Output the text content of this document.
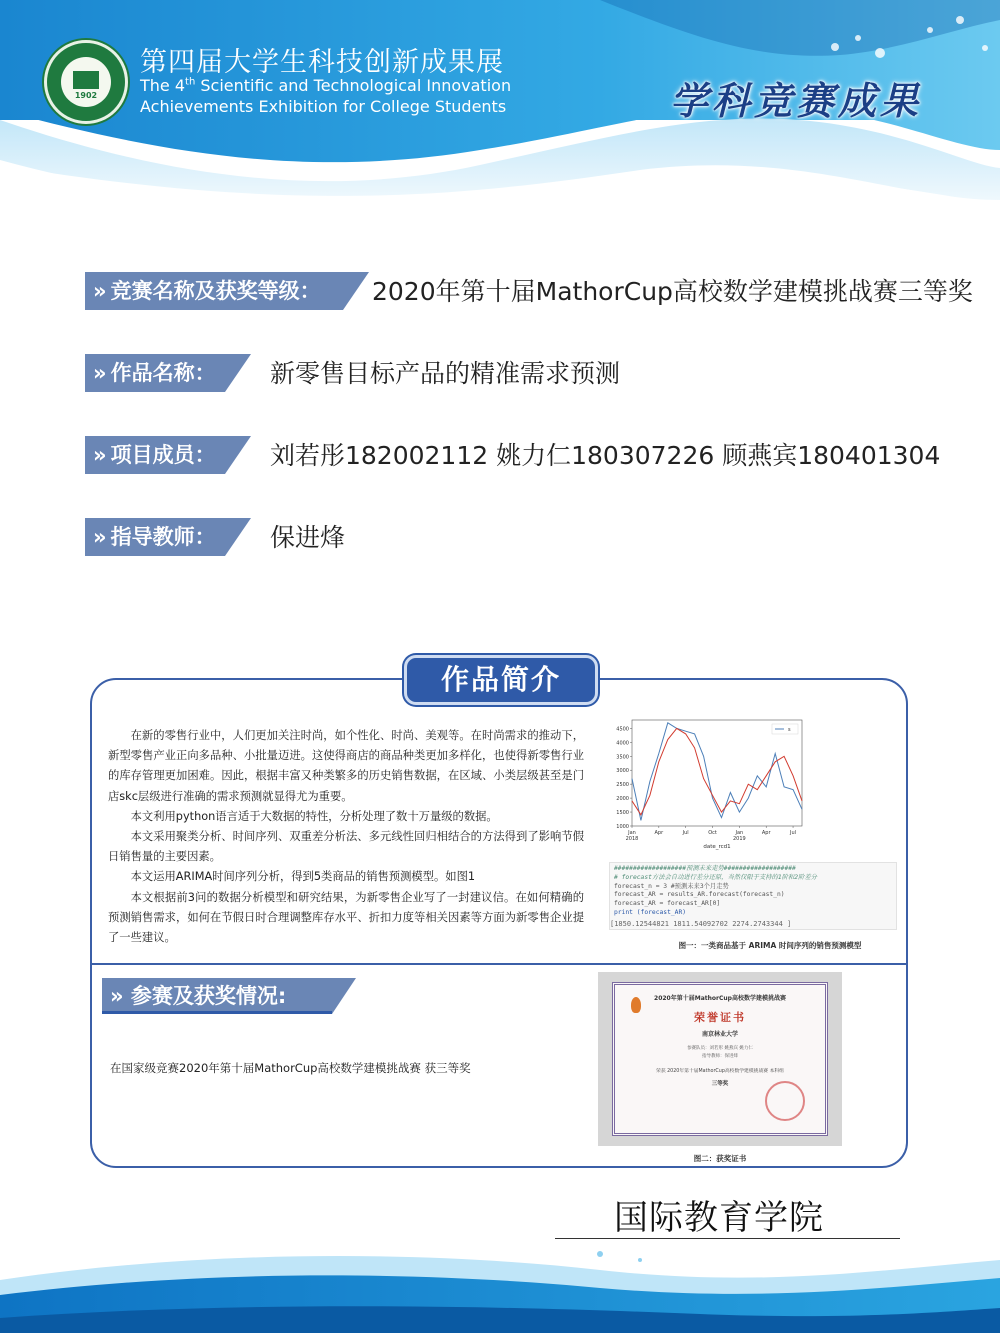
1902
第四届大学生科技创新成果展
The 4th Scientific and Technological Innovation
Achievements Exhibition for College Students	学科竞赛成果
» 竞赛名称及获奖等级：	2020年第十届MathorCup高校数学建模挑战赛三等奖
» 作品名称：	新零售目标产品的精准需求预测
» 项目成员：	刘若彤182002112 姚力仁180307226 顾燕宾180401304
» 指导教师：	保进烽
作品简介

在新的零售行业中，人们更加关注时尚，如个性化、时尚、美观等。在时尚需求的推动下，新型零售产业正向多品种、小批量迈进。这使得商店的商品种类更加多样化，也使得新零售行业的库存管理更加困难。因此，根据丰富又种类繁多的历史销售数据，在区域、小类层级甚至是门店skc层级进行准确的需求预测就显得尤为重要。

本文利用python语言适于大数据的特性，分析处理了数十万量级的数据。

本文采用聚类分析、时间序列、双重差分析法、多元线性回归相结合的方法得到了影响节假日销售量的主要因素。

本文运用ARIMA时间序列分析，得到5类商品的销售预测模型。如图1

本文根据前3问的数据分析模型和研究结果，为新零售企业写了一封建议信。在如何精确的预测销售需求，如何在节假日时合理调整库存水平、折扣力度等相关因素等方面为新零售企业提了一些建议。

1000
1500
2000
2500
3000
3500
4000
4500
Jan
2018
Apr	Jul	Oct	Jan
2019
Apr	Jul
date_rcd1
s
###################预测未来走势###################
# forecast方法会自动进行差分还原，当然仅限于支持的1阶和2阶差分
forecast_n = 3 #预测未来3个月走势
forecast_AR = results_AR.forecast(forecast_n)
forecast_AR = forecast_AR[0]
print (forecast_AR)
[1850.12544821 1811.54092702 2274.2743344 ]
图一：一类商品基于 ARIMA 时间序列的销售预测模型
» 参赛及获奖情况:
在国家级竞赛2020年第十届MathorCup高校数学建模挑战赛 获三等奖
2020年第十届MathorCup高校数学建模挑战赛
荣誉证书
南京林业大学
参赛队员：刘若彤 姚燕宾 姚力仁
指导教师：保进烽
荣获 2020年第十届MathorCup高校数学建模挑战赛 本科组
三等奖
图二：获奖证书
国际教育学院
